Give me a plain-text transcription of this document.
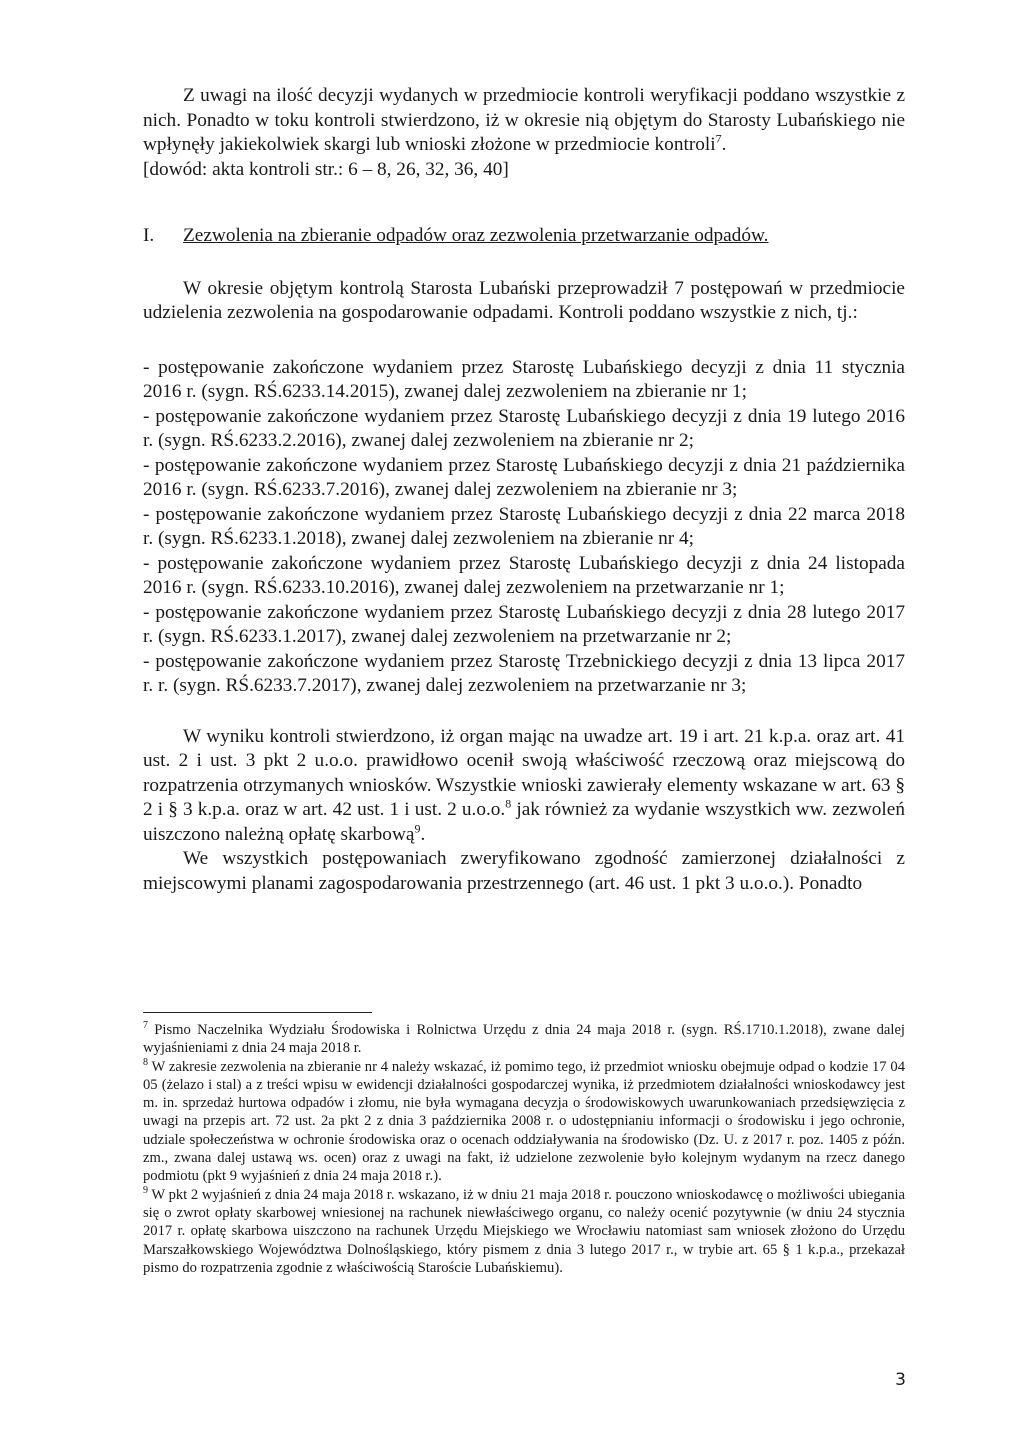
Z uwagi na ilość decyzji wydanych w przedmiocie kontroli weryfikacji poddano wszystkie z nich. Ponadto w toku kontroli stwierdzono, iż w okresie nią objętym do Starosty Lubańskiego nie wpłynęły jakiekolwiek skargi lub wnioski złożone w przedmiocie kontroli$^7$.

[dowód: akta kontroli str.: 6 – 8, 26, 32, 36, 40]

I.	Zezwolenia na zbieranie odpadów oraz zezwolenia przetwarzanie odpadów.

W okresie objętym kontrolą Starosta Lubański przeprowadził 7 postępowań w przedmiocie udzielenia zezwolenia na gospodarowanie odpadami. Kontroli poddano wszystkie z nich, tj.:

- postępowanie zakończone wydaniem przez Starostę Lubańskiego decyzji z dnia 11 stycznia 2016 r. (sygn. RŚ.6233.14.2015), zwanej dalej zezwoleniem na zbieranie nr 1;

- postępowanie zakończone wydaniem przez Starostę Lubańskiego decyzji z dnia 19 lutego 2016 r. (sygn. RŚ.6233.2.2016), zwanej dalej zezwoleniem na zbieranie nr 2;

- postępowanie zakończone wydaniem przez Starostę Lubańskiego decyzji z dnia 21 października 2016 r. (sygn. RŚ.6233.7.2016), zwanej dalej zezwoleniem na zbieranie nr 3;

- postępowanie zakończone wydaniem przez Starostę Lubańskiego decyzji z dnia 22 marca 2018 r. (sygn. RŚ.6233.1.2018), zwanej dalej zezwoleniem na zbieranie nr 4;

- postępowanie zakończone wydaniem przez Starostę Lubańskiego decyzji z dnia 24 listopada 2016 r. (sygn. RŚ.6233.10.2016), zwanej dalej zezwoleniem na przetwarzanie nr 1;

- postępowanie zakończone wydaniem przez Starostę Lubańskiego decyzji z dnia 28 lutego 2017 r. (sygn. RŚ.6233.1.2017), zwanej dalej zezwoleniem na przetwarzanie nr 2;

- postępowanie zakończone wydaniem przez Starostę Trzebnickiego decyzji z dnia 13 lipca 2017 r. r. (sygn. RŚ.6233.7.2017), zwanej dalej zezwoleniem na przetwarzanie nr 3;

W wyniku kontroli stwierdzono, iż organ mając na uwadze art. 19 i art. 21 k.p.a. oraz art. 41 ust. 2 i ust. 3 pkt 2 u.o.o. prawidłowo ocenił swoją właściwość rzeczową oraz miejscową do rozpatrzenia otrzymanych wniosków. Wszystkie wnioski zawierały elementy wskazane w art. 63 § 2 i § 3 k.p.a. oraz w art. 42 ust. 1 i ust. 2 u.o.o.$^8$ jak również za wydanie wszystkich ww. zezwoleń uiszczono należną opłatę skarbową$^9$.

We wszystkich postępowaniach zweryfikowano zgodność zamierzonej działalności z miejscowymi planami zagospodarowania przestrzennego (art. 46 ust. 1 pkt 3 u.o.o.). Ponadto

$^7$ Pismo Naczelnika Wydziału Środowiska i Rolnictwa Urzędu z dnia 24 maja 2018 r. (sygn. RŚ.1710.1.2018), zwane dalej wyjaśnieniami z dnia 24 maja 2018 r.

$^8$ W zakresie zezwolenia na zbieranie nr 4 należy wskazać, iż pomimo tego, iż przedmiot wniosku obejmuje odpad o kodzie 17 04 05 (żelazo i stal) a z treści wpisu w ewidencji działalności gospodarczej wynika, iż przedmiotem działalności wnioskodawcy jest m. in. sprzedaż hurtowa odpadów i złomu, nie była wymagana decyzja o środowiskowych uwarunkowaniach przedsięwzięcia z uwagi na przepis art. 72 ust. 2a pkt 2 z dnia 3 października 2008 r. o udostępnianiu informacji o środowisku i jego ochronie, udziale społeczeństwa w ochronie środowiska oraz o ocenach oddziaływania na środowisko (Dz. U. z 2017 r. poz. 1405 z późn. zm., zwana dalej ustawą ws. ocen) oraz z uwagi na fakt, iż udzielone zezwolenie było kolejnym wydanym na rzecz danego podmiotu (pkt 9 wyjaśnień z dnia 24 maja 2018 r.).

$^9$ W pkt 2 wyjaśnień z dnia 24 maja 2018 r. wskazano, iż w dniu 21 maja 2018 r. pouczono wnioskodawcę o możliwości ubiegania się o zwrot opłaty skarbowej wniesionej na rachunek niewłaściwego organu, co należy ocenić pozytywnie (w dniu 24 stycznia 2017 r. opłatę skarbowa uiszczono na rachunek Urzędu Miejskiego we Wrocławiu natomiast sam wniosek złożono do Urzędu Marszałkowskiego Województwa Dolnośląskiego, który pismem z dnia 3 lutego 2017 r., w trybie art. 65 § 1 k.p.a., przekazał pismo do rozpatrzenia zgodnie z właściwością Staroście Lubańskiemu).

3
